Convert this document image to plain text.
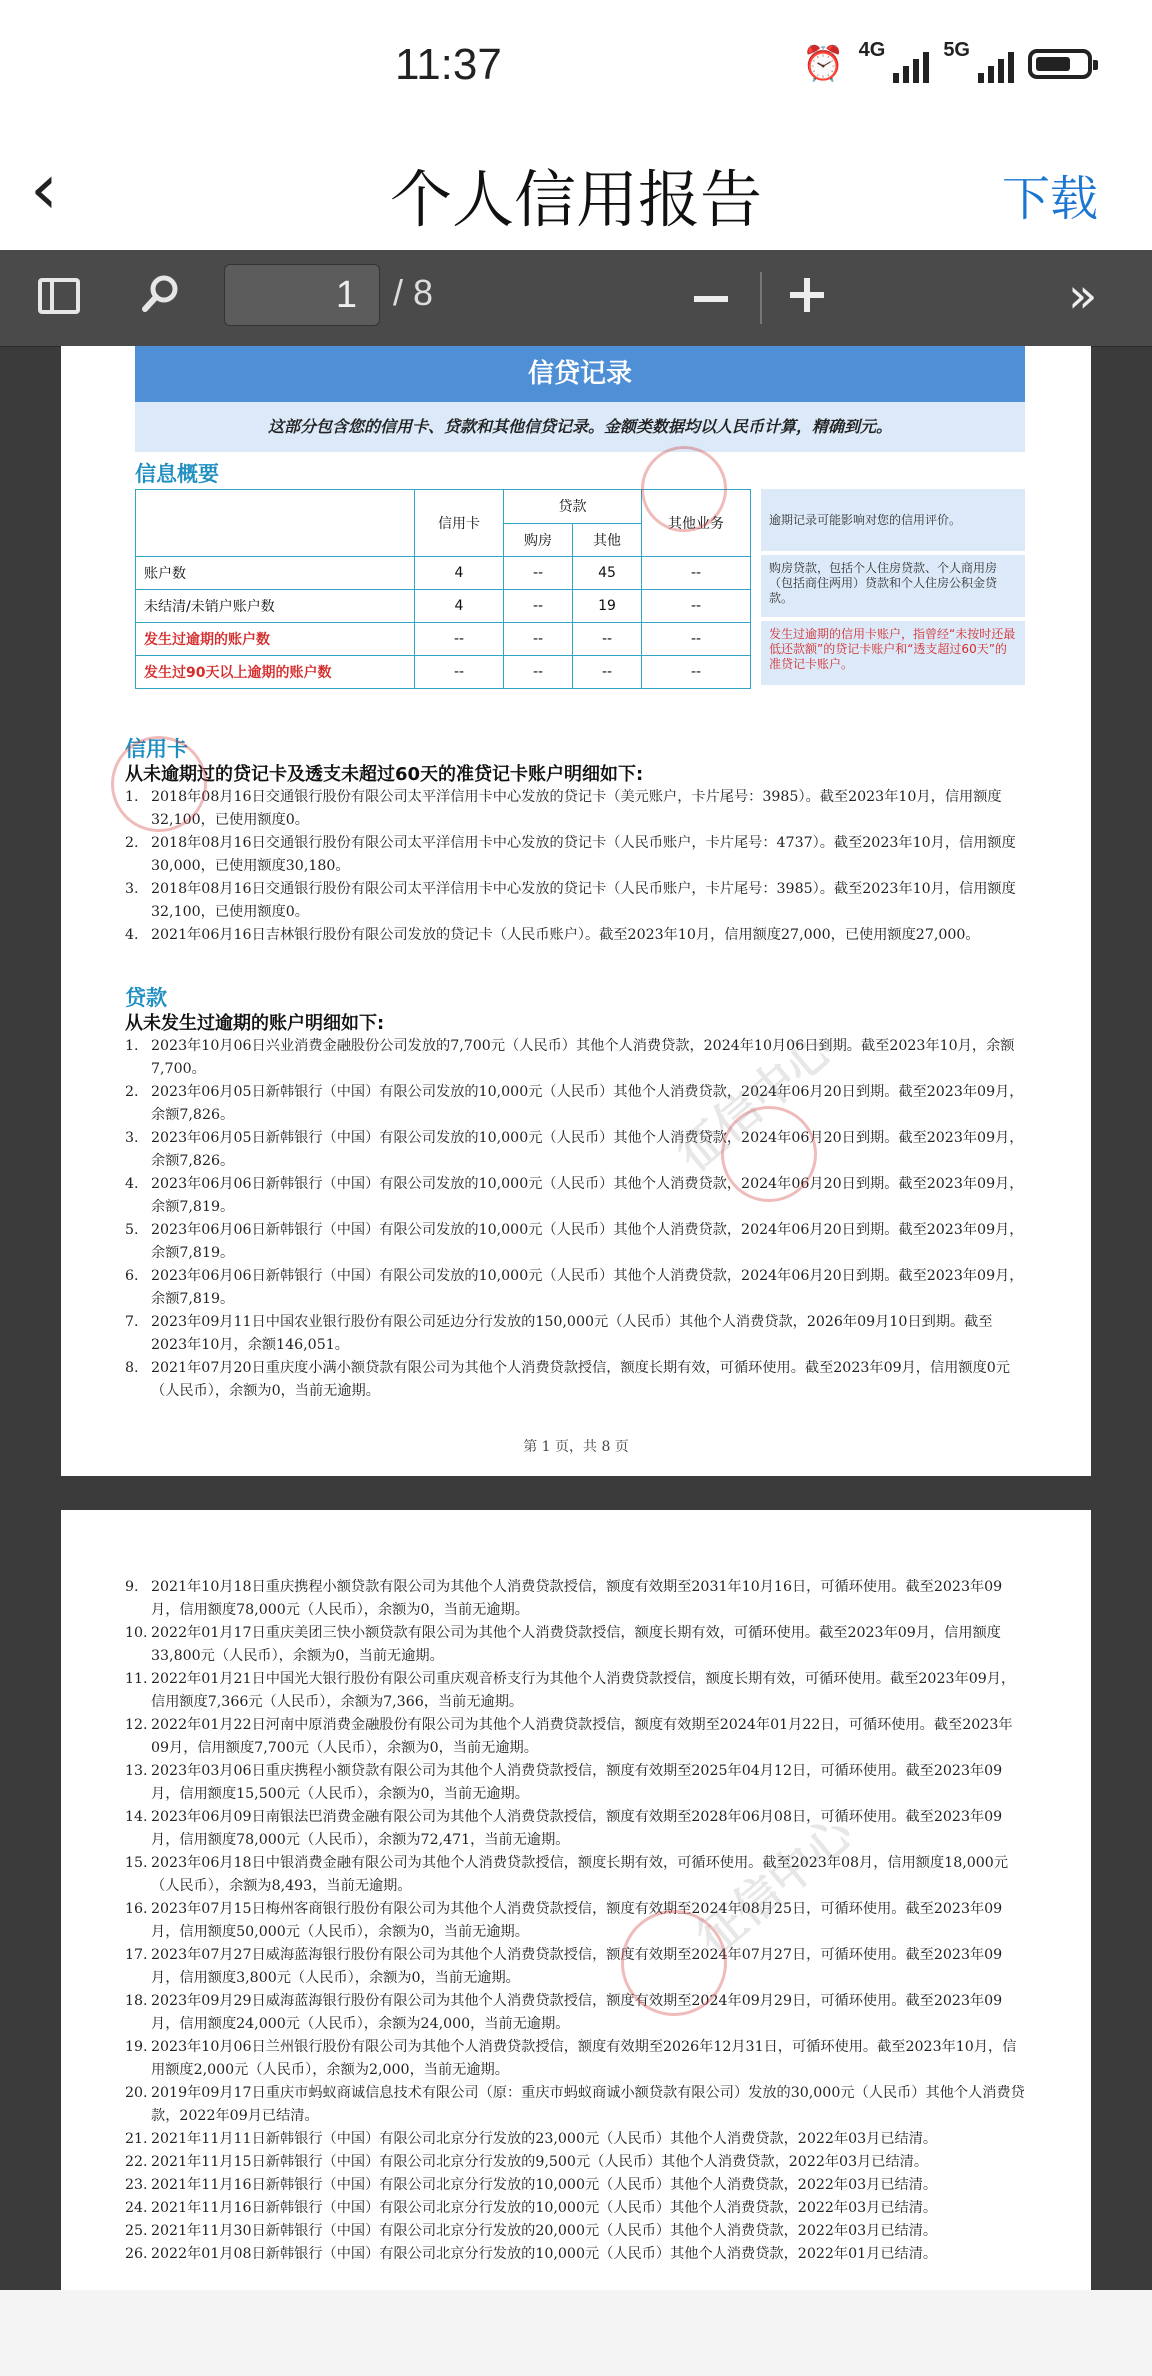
11:37	⏰ 4G	5G
‹	个人信用报告	下载
1	/ 8	»
信贷记录
这部分包含您的信用卡、贷款和其他信贷记录。金额类数据均以人民币计算，精确到元。
信息概要
	信用卡	贷款		其他业务
		购房	其他	
账户数	4	--	45	--
未结清/未销户账户数	4	--	19	--
发生过逾期的账户数	--	--	--	--
发生过90天以上逾期的账户数	--	--	--	--
逾期记录可能影响对您的信用评价。
购房贷款，包括个人住房贷款、个人商用房（包括商住两用）贷款和个人住房公积金贷款。
发生过逾期的信用卡账户，指曾经“未按时还最低还款额”的贷记卡账户和“透支超过60天”的准贷记卡账户。
信用卡
从未逾期过的贷记卡及透支未超过60天的准贷记卡账户明细如下:
1. 2018年08月16日交通银行股份有限公司太平洋信用卡中心发放的贷记卡（美元账户，卡片尾号：3985）。截至2023年10月，信用额度32,100，已使用额度0。
2. 2018年08月16日交通银行股份有限公司太平洋信用卡中心发放的贷记卡（人民币账户，卡片尾号：4737）。截至2023年10月，信用额度30,000，已使用额度30,180。
3. 2018年08月16日交通银行股份有限公司太平洋信用卡中心发放的贷记卡（人民币账户，卡片尾号：3985）。截至2023年10月，信用额度32,100，已使用额度0。
4. 2021年06月16日吉林银行股份有限公司发放的贷记卡（人民币账户）。截至2023年10月，信用额度27,000，已使用额度27,000。
贷款
从未发生过逾期的账户明细如下:
1. 2023年10月06日兴业消费金融股份公司发放的7,700元（人民币）其他个人消费贷款，2024年10月06日到期。截至2023年10月，余额7,700。
2. 2023年06月05日新韩银行（中国）有限公司发放的10,000元（人民币）其他个人消费贷款，2024年06月20日到期。截至2023年09月，余额7,826。
3. 2023年06月05日新韩银行（中国）有限公司发放的10,000元（人民币）其他个人消费贷款，2024年06月20日到期。截至2023年09月，余额7,826。
4. 2023年06月06日新韩银行（中国）有限公司发放的10,000元（人民币）其他个人消费贷款，2024年06月20日到期。截至2023年09月，余额7,819。
5. 2023年06月06日新韩银行（中国）有限公司发放的10,000元（人民币）其他个人消费贷款，2024年06月20日到期。截至2023年09月，余额7,819。
6. 2023年06月06日新韩银行（中国）有限公司发放的10,000元（人民币）其他个人消费贷款，2024年06月20日到期。截至2023年09月，余额7,819。
7. 2023年09月11日中国农业银行股份有限公司延边分行发放的150,000元（人民币）其他个人消费贷款，2026年09月10日到期。截至2023年10月，余额146,051。
8. 2021年07月20日重庆度小满小额贷款有限公司为其他个人消费贷款授信，额度长期有效，可循环使用。截至2023年09月，信用额度0元（人民币），余额为0，当前无逾期。
第 1 页，共 8 页
征信中心
9. 2021年10月18日重庆携程小额贷款有限公司为其他个人消费贷款授信，额度有效期至2031年10月16日，可循环使用。截至2023年09月，信用额度78,000元（人民币），余额为0，当前无逾期。
10. 2022年01月17日重庆美团三快小额贷款有限公司为其他个人消费贷款授信，额度长期有效，可循环使用。截至2023年09月，信用额度33,800元（人民币），余额为0，当前无逾期。
11. 2022年01月21日中国光大银行股份有限公司重庆观音桥支行为其他个人消费贷款授信，额度长期有效，可循环使用。截至2023年09月，信用额度7,366元（人民币），余额为7,366，当前无逾期。
12. 2022年01月22日河南中原消费金融股份有限公司为其他个人消费贷款授信，额度有效期至2024年01月22日，可循环使用。截至2023年09月，信用额度7,700元（人民币），余额为0，当前无逾期。
13. 2023年03月06日重庆携程小额贷款有限公司为其他个人消费贷款授信，额度有效期至2025年04月12日，可循环使用。截至2023年09月，信用额度15,500元（人民币），余额为0，当前无逾期。
14. 2023年06月09日南银法巴消费金融有限公司为其他个人消费贷款授信，额度有效期至2028年06月08日，可循环使用。截至2023年09月，信用额度78,000元（人民币），余额为72,471，当前无逾期。
15. 2023年06月18日中银消费金融有限公司为其他个人消费贷款授信，额度长期有效，可循环使用。截至2023年08月，信用额度18,000元（人民币），余额为8,493，当前无逾期。
16. 2023年07月15日梅州客商银行股份有限公司为其他个人消费贷款授信，额度有效期至2024年08月25日，可循环使用。截至2023年09月，信用额度50,000元（人民币），余额为0，当前无逾期。
17. 2023年07月27日威海蓝海银行股份有限公司为其他个人消费贷款授信，额度有效期至2024年07月27日，可循环使用。截至2023年09月，信用额度3,800元（人民币），余额为0，当前无逾期。
18. 2023年09月29日威海蓝海银行股份有限公司为其他个人消费贷款授信，额度有效期至2024年09月29日，可循环使用。截至2023年09月，信用额度24,000元（人民币），余额为24,000，当前无逾期。
19. 2023年10月06日兰州银行股份有限公司为其他个人消费贷款授信，额度有效期至2026年12月31日，可循环使用。截至2023年10月，信用额度2,000元（人民币），余额为2,000，当前无逾期。
20. 2019年09月17日重庆市蚂蚁商诚信息技术有限公司（原：重庆市蚂蚁商诚小额贷款有限公司）发放的30,000元（人民币）其他个人消费贷款，2022年09月已结清。
21. 2021年11月11日新韩银行（中国）有限公司北京分行发放的23,000元（人民币）其他个人消费贷款，2022年03月已结清。
22. 2021年11月15日新韩银行（中国）有限公司北京分行发放的9,500元（人民币）其他个人消费贷款，2022年03月已结清。
23. 2021年11月16日新韩银行（中国）有限公司北京分行发放的10,000元（人民币）其他个人消费贷款，2022年03月已结清。
24. 2021年11月16日新韩银行（中国）有限公司北京分行发放的10,000元（人民币）其他个人消费贷款，2022年03月已结清。
25. 2021年11月30日新韩银行（中国）有限公司北京分行发放的20,000元（人民币）其他个人消费贷款，2022年03月已结清。
26. 2022年01月08日新韩银行（中国）有限公司北京分行发放的10,000元（人民币）其他个人消费贷款，2022年01月已结清。
征信中心
